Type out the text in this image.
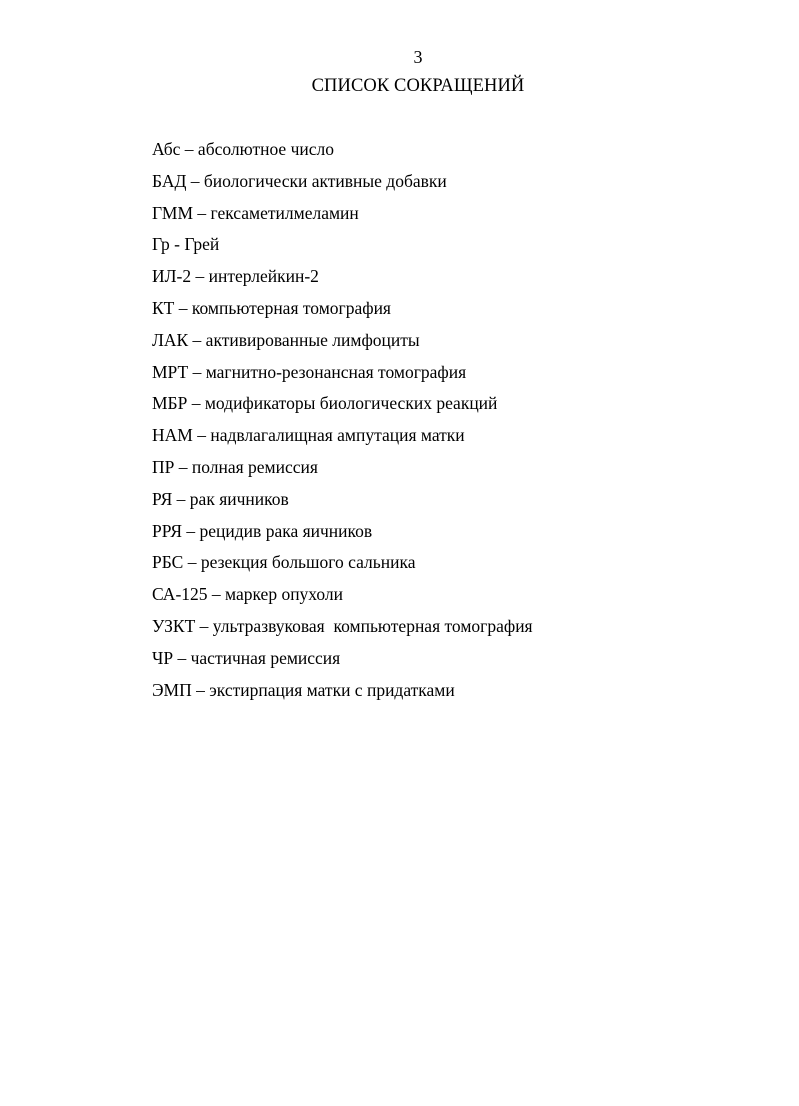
3
СПИСОК СОКРАЩЕНИЙ
Абс – абсолютное число
БАД – биологически активные добавки
ГММ – гексаметилмеламин
Гр - Грей
ИЛ-2 – интерлейкин-2
КТ – компьютерная томография
ЛАК – активированные лимфоциты
МРТ – магнитно-резонансная томография
МБР – модификаторы биологических реакций
НАМ – надвлагалищная ампутация матки
ПР – полная ремиссия
РЯ – рак яичников
РРЯ – рецидив рака яичников
РБС – резекция большого сальника
СА-125 – маркер опухоли
УЗКТ – ультразвуковая  компьютерная томография
ЧР – частичная ремиссия
ЭМП – экстирпация матки с придатками
